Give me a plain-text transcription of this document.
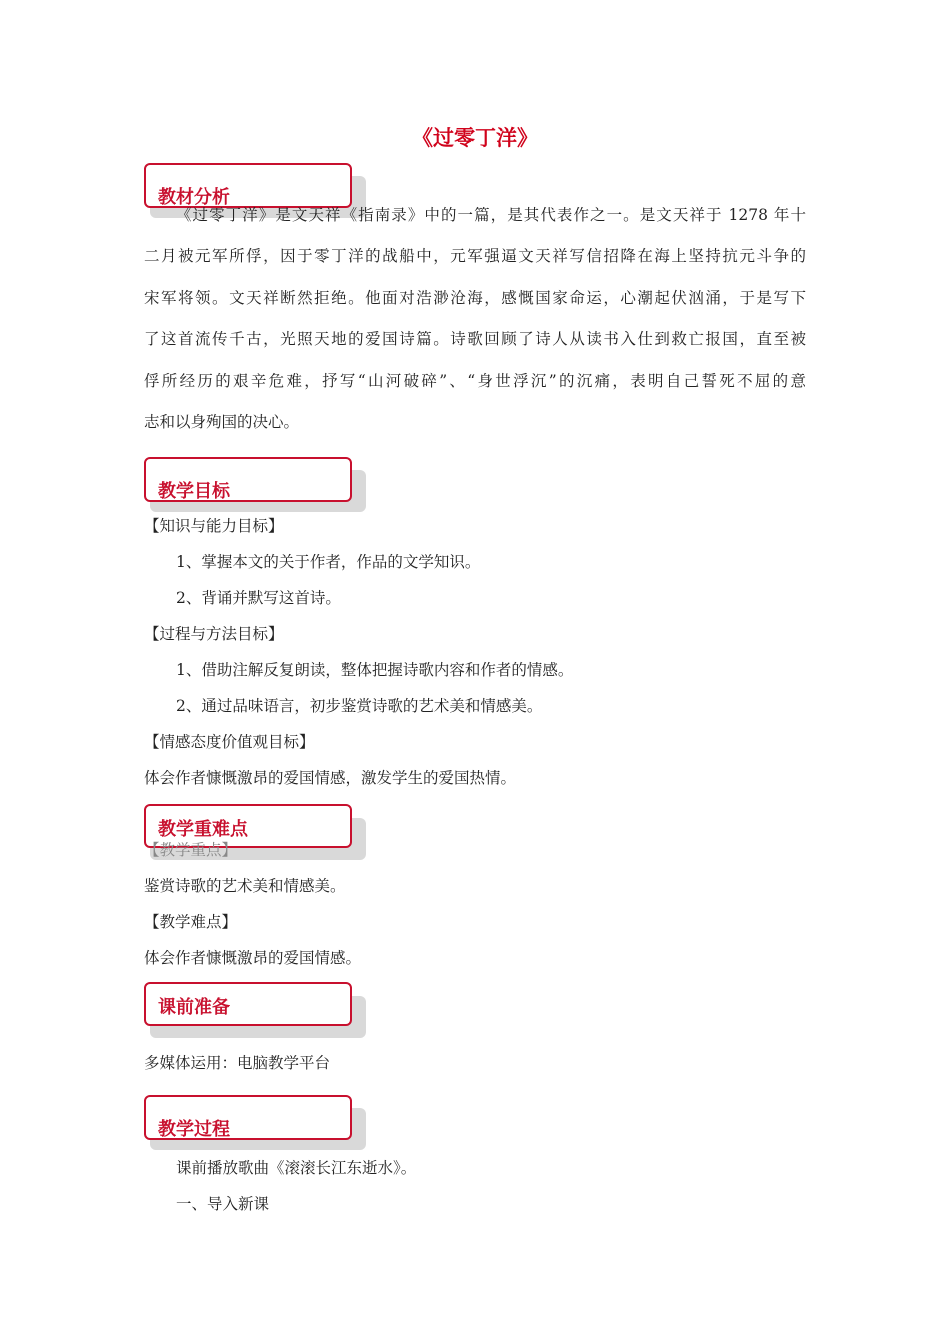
《过零丁洋》
教材分析
《过零丁洋》是文天祥《指南录》中的一篇，是其代表作之一。是文天祥于 1278 年十
二月被元军所俘，因于零丁洋的战船中，元军强逼文天祥写信招降在海上坚持抗元斗争的
宋军将领。文天祥断然拒绝。他面对浩渺沧海，感慨国家命运，心潮起伏汹涌，于是写下
了这首流传千古，光照天地的爱国诗篇。诗歌回顾了诗人从读书入仕到救亡报国，直至被
俘所经历的艰辛危难，抒写“山河破碎”、“身世浮沉”的沉痛，表明自己誓死不屈的意
志和以身殉国的决心。
教学目标
【知识与能力目标】
1、掌握本文的关于作者，作品的文学知识。
2、背诵并默写这首诗。
【过程与方法目标】
1、借助注解反复朗读，整体把握诗歌内容和作者的情感。
2、通过品味语言，初步鉴赏诗歌的艺术美和情感美。
【情感态度价值观目标】
体会作者慷慨激昂的爱国情感，激发学生的爱国热情。
教学重难点
【教学重点】
鉴赏诗歌的艺术美和情感美。
【教学难点】
体会作者慷慨激昂的爱国情感。
课前准备
多媒体运用：电脑教学平台
教学过程
课前播放歌曲《滚滚长江东逝水》。
一、导入新课
